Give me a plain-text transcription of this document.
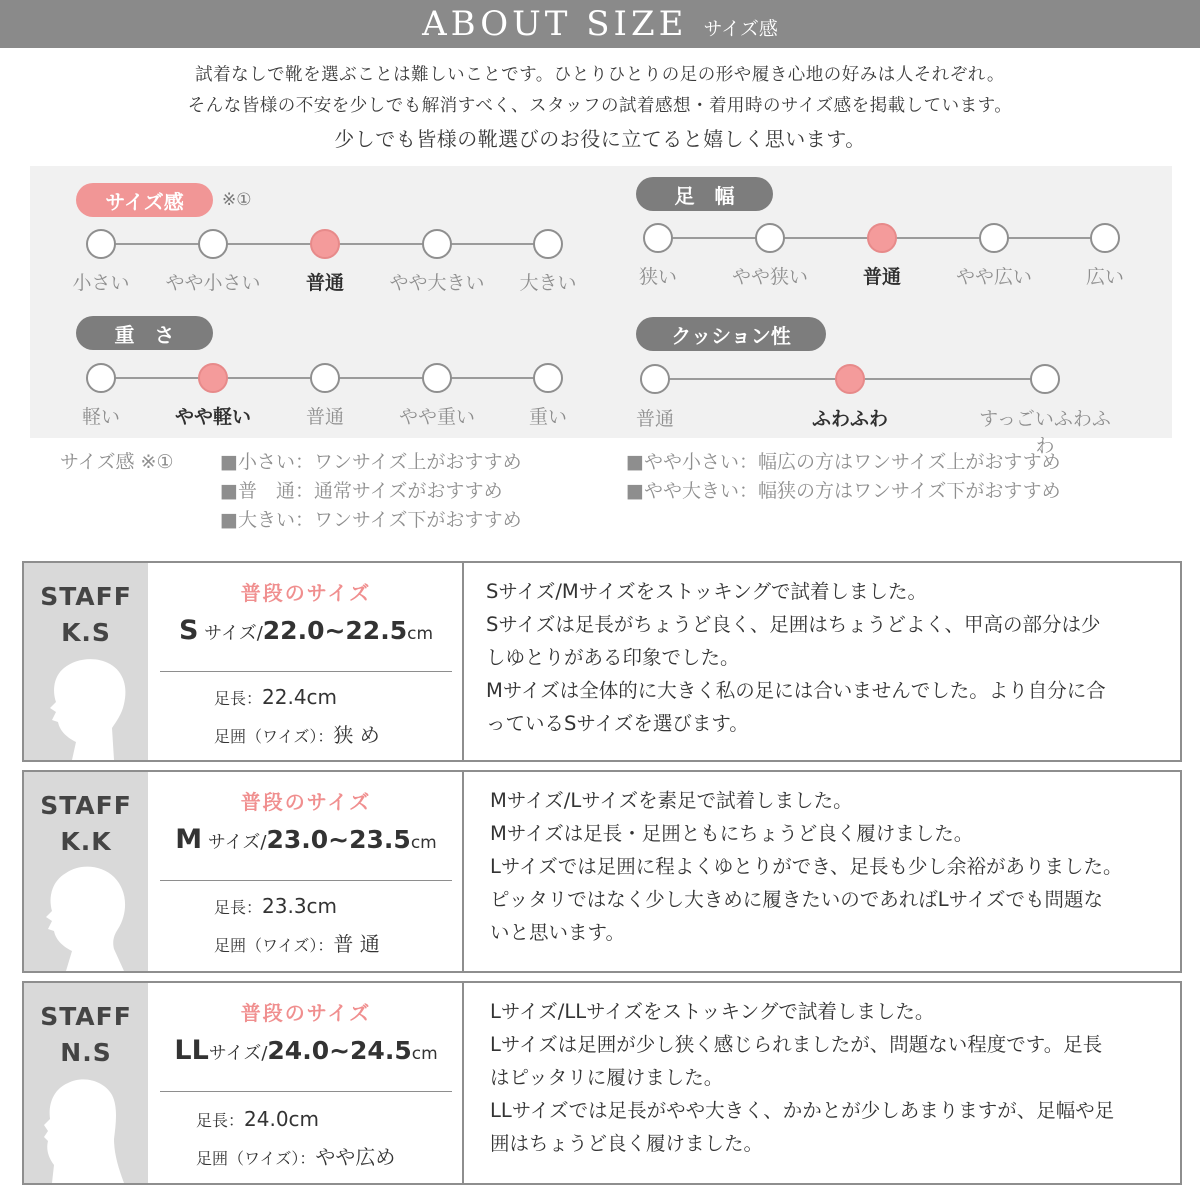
ABOUT SIZE サイズ感

試着なしで靴を選ぶことは難しいことです。ひとりひとりの足の形や履き心地の好みは人それぞれ。

そんな皆様の不安を少しでも解消すべく、スタッフの試着感想・着用時のサイズ感を掲載しています。

少しでも皆様の靴選びのお役に立てると嬉しく思います。

サイズ感	※①
小さい	やや小さい	普通	やや大きい	大きい
足　幅
狭い	やや狭い	普通	やや広い	広い
重　さ
軽い	やや軽い	普通	やや重い	重い
クッション性
普通	ふわふわ	すっごいふわふわ
サイズ感 ※① ■小さい：ワンサイズ上がおすすめ
■普　通：通常サイズがおすすめ
■大きい：ワンサイズ下がおすすめ
■やや小さい：幅広の方はワンサイズ上がおすすめ
■やや大きい：幅狭の方はワンサイズ下がおすすめ
STAFF
K.S
普段のサイズ
S サイズ/22.0~22.5cm
足長：22.4cm
足囲（ワイズ）：狭 め
Sサイズ/Mサイズをストッキングで試着しました。
Sサイズは足長がちょうど良く、足囲はちょうどよく、甲高の部分は少
しゆとりがある印象でした。
Mサイズは全体的に大きく私の足には合いませんでした。より自分に合
っているSサイズを選びます。
STAFF
K.K
普段のサイズ
M サイズ/23.0~23.5cm
足長：23.3cm
足囲（ワイズ）：普 通
Mサイズ/Lサイズを素足で試着しました。
Mサイズは足長・足囲ともにちょうど良く履けました。
Lサイズでは足囲に程よくゆとりができ、足長も少し余裕がありました。
ピッタリではなく少し大きめに履きたいのであればLサイズでも問題な
いと思います。
STAFF
N.S
普段のサイズ
LLサイズ/24.0~24.5cm
足長：24.0cm
足囲（ワイズ）：やや広め
Lサイズ/LLサイズをストッキングで試着しました。
Lサイズは足囲が少し狭く感じられましたが、問題ない程度です。足長
はピッタリに履けました。
LLサイズでは足長がやや大きく、かかとが少しあまりますが、足幅や足
囲はちょうど良く履けました。
